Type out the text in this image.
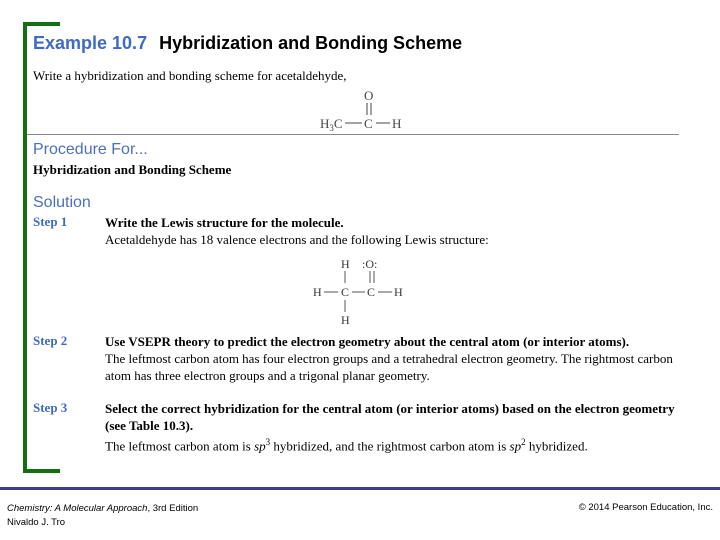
Example 10.7 Hybridization and Bonding Scheme
Write a hybridization and bonding scheme for acetaldehyde,
O
$H_3C$ C H
Procedure For...
Hybridization and Bonding Scheme
Solution
Step 1	Write the Lewis structure for the molecule.
Acetaldehyde has 18 valence electrons and the following Lewis structure:
H :O:
H C C H
H
Step 2	Use VSEPR theory to predict the electron geometry about the central atom (or interior atoms).
The leftmost carbon atom has four electron groups and a tetrahedral electron geometry. The rightmost carbon atom has three electron groups and a trigonal planar geometry.
Step 3	Select the correct hybridization for the central atom (or interior atoms) based on the electron geometry (see Table 10.3).
The leftmost carbon atom is $sp^3$ hybridized, and the rightmost carbon atom is $sp^2$ hybridized.
Chemistry: A Molecular Approach, 3rd Edition
Nivaldo J. Tro
© 2014 Pearson Education, Inc.
